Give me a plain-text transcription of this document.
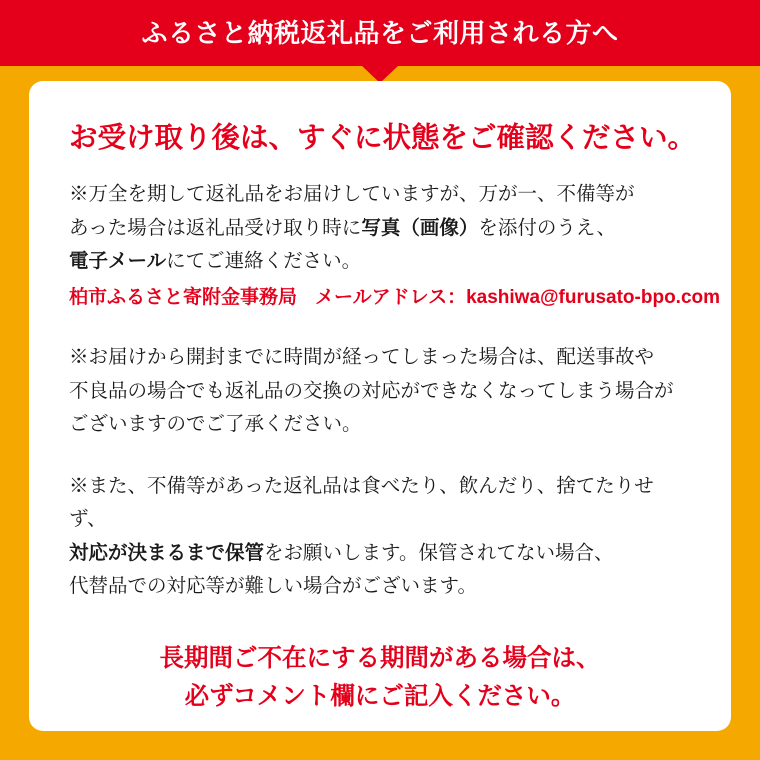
ふるさと納税返礼品をご利用される方へ
お受け取り後は、すぐに状態をご確認ください。
※万全を期して返礼品をお届けしていますが、万が一、不備等が
あった場合は返礼品受け取り時に写真（画像）を添付のうえ、
電子メールにてご連絡ください。
柏市ふるさと寄附金事務局 メールアドレス：kashiwa@furusato-bpo.com
※お届けから開封までに時間が経ってしまった場合は、配送事故や
不良品の場合でも返礼品の交換の対応ができなくなってしまう場合が
ございますのでご了承ください。
※また、不備等があった返礼品は食べたり、飲んだり、捨てたりせず、
対応が決まるまで保管をお願いします。保管されてない場合、
代替品での対応等が難しい場合がございます。
長期間ご不在にする期間がある場合は、
必ずコメント欄にご記入ください。
